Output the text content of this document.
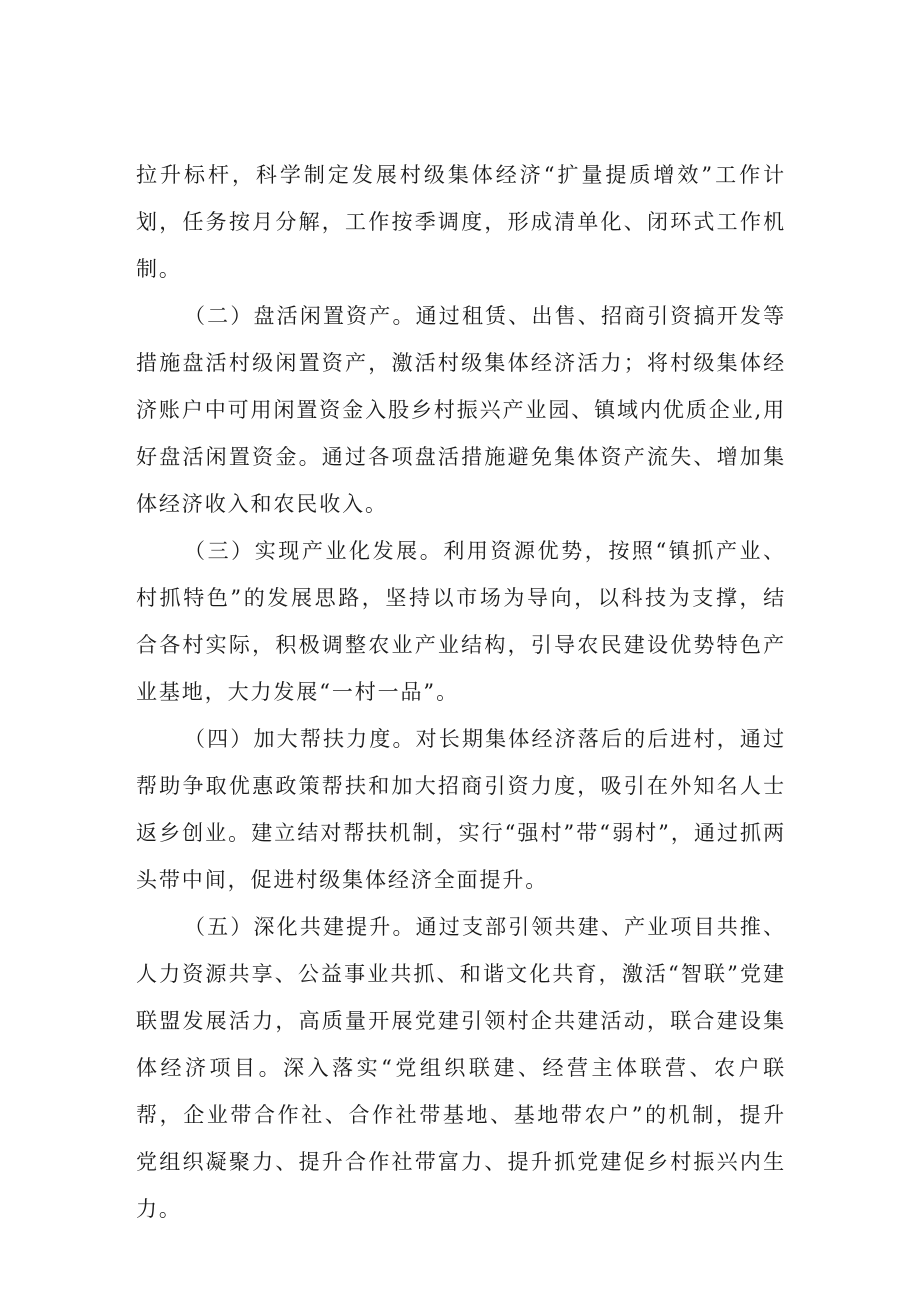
拉升标杆，科学制定发展村级集体经济“扩量提质增效”工作计划，任务按月分解，工作按季调度，形成清单化、闭环式工作机制。

（二）盘活闲置资产。通过租赁、出售、招商引资搞开发等措施盘活村级闲置资产，激活村级集体经济活力；将村级集体经济账户中可用闲置资金入股乡村振兴产业园、镇域内优质企业,用好盘活闲置资金。通过各项盘活措施避免集体资产流失、增加集体经济收入和农民收入。

（三）实现产业化发展。利用资源优势，按照“镇抓产业、村抓特色”的发展思路，坚持以市场为导向，以科技为支撑，结合各村实际，积极调整农业产业结构，引导农民建设优势特色产业基地，大力发展“一村一品”。

（四）加大帮扶力度。对长期集体经济落后的后进村，通过帮助争取优惠政策帮扶和加大招商引资力度，吸引在外知名人士返乡创业。建立结对帮扶机制，实行“强村”带“弱村”，通过抓两头带中间，促进村级集体经济全面提升。

（五）深化共建提升。通过支部引领共建、产业项目共推、人力资源共享、公益事业共抓、和谐文化共育，激活“智联”党建联盟发展活力，高质量开展党建引领村企共建活动，联合建设集体经济项目。深入落实“党组织联建、经营主体联营、农户联帮，企业带合作社、合作社带基地、基地带农户”的机制，提升党组织凝聚力、提升合作社带富力、提升抓党建促乡村振兴内生力。
